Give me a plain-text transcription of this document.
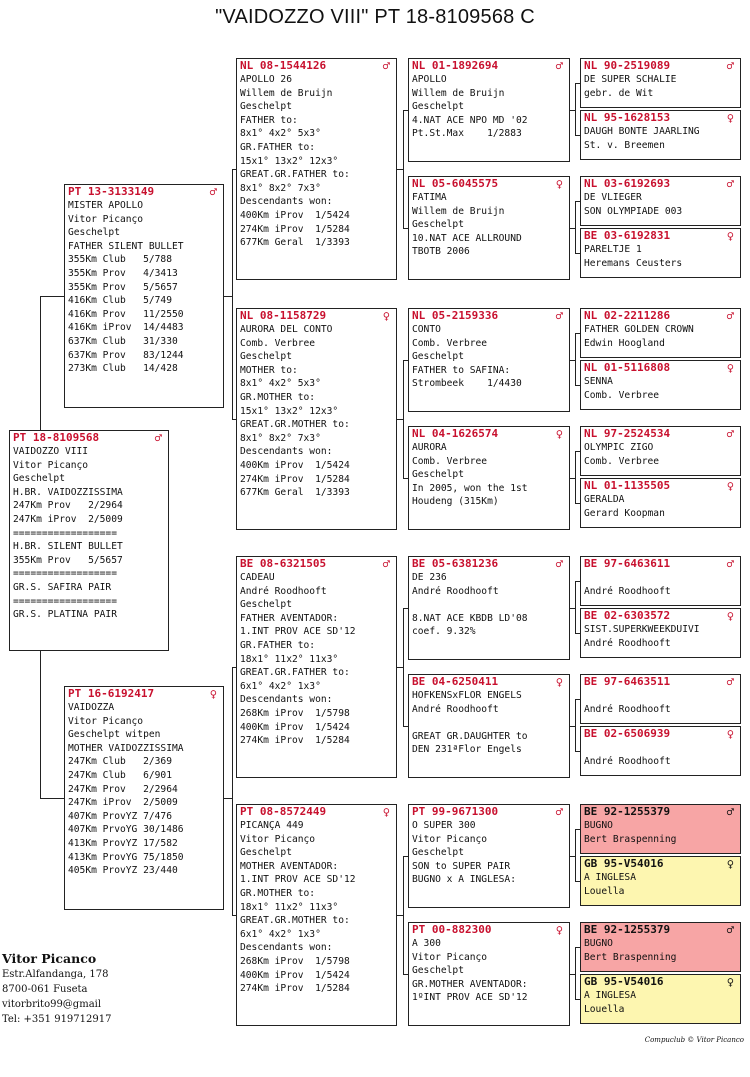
"VAIDOZZO VIII" PT 18-8109568 C
PT 18-8109568	♂
VAIDOZZO VIII
Vitor Picanço
Geschelpt
H.BR. VAIDOZZISSIMA
247Km Prov   2/2964
247Km iProv  2/5009
==================
H.BR. SILENT BULLET
355Km Prov   5/5657
==================
GR.S. SAFIRA PAIR
==================
GR.S. PLATINA PAIR
PT 13-3133149	♂
MISTER APOLLO
Vitor Picanço
Geschelpt
FATHER SILENT BULLET
355Km Club   5/788
355Km Prov   4/3413
355Km Prov   5/5657
416Km Club   5/749
416Km Prov   11/2550
416Km iProv  14/4483
637Km Club   31/330
637Km Prov   83/1244
273Km Club   14/428
PT 16-6192417	♀
VAIDOZZA
Vitor Picanço
Geschelpt witpen
MOTHER VAIDOZZISSIMA
247Km Club   2/369
247Km Club   6/901
247Km Prov   2/2964
247Km iProv  2/5009
407Km ProvYZ 7/476
407Km PrvoYG 30/1486
413Km ProvYZ 17/582
413Km ProvYG 75/1850
405Km ProvYZ 23/440
NL 08-1544126	♂
APOLLO 26
Willem de Bruijn
Geschelpt
FATHER to:
8x1° 4x2° 5x3°
GR.FATHER to:
15x1° 13x2° 12x3°
GREAT.GR.FATHER to:
8x1° 8x2° 7x3°
Descendants won:
400Km iProv  1/5424
274Km iProv  1/5284
677Km Geral  1/3393
NL 08-1158729	♀
AURORA DEL CONTO
Comb. Verbree
Geschelpt
MOTHER to:
8x1° 4x2° 5x3°
GR.MOTHER to:
15x1° 13x2° 12x3°
GREAT.GR.MOTHER to:
8x1° 8x2° 7x3°
Descendants won:
400Km iProv  1/5424
274Km iProv  1/5284
677Km Geral  1/3393
BE 08-6321505	♂
CADEAU
André Roodhooft
Geschelpt
FATHER AVENTADOR:
1.INT PROV ACE SD'12
GR.FATHER to:
18x1° 11x2° 11x3°
GREAT.GR.FATHER to:
6x1° 4x2° 1x3°
Descendants won:
268Km iProv  1/5798
400Km iProv  1/5424
274Km iProv  1/5284
PT 08-8572449	♀
PICANÇA 449
Vitor Picanço
Geschelpt
MOTHER AVENTADOR:
1.INT PROV ACE SD'12
GR.MOTHER to:
18x1° 11x2° 11x3°
GREAT.GR.MOTHER to:
6x1° 4x2° 1x3°
Descendants won:
268Km iProv  1/5798
400Km iProv  1/5424
274Km iProv  1/5284
NL 01-1892694	♂
APOLLO
Willem de Bruijn
Geschelpt
4.NAT ACE NPO MD '02
Pt.St.Max    1/2883
NL 05-6045575	♀
FATIMA
Willem de Bruijn
Geschelpt
10.NAT ACE ALLROUND
TBOTB 2006
NL 05-2159336	♂
CONTO
Comb. Verbree
Geschelpt
FATHER to SAFINA:
Strombeek    1/4430
NL 04-1626574	♀
AURORA
Comb. Verbree
Geschelpt
In 2005, won the 1st
Houdeng (315Km)
BE 05-6381236	♂
DE 236
André Roodhooft
8.NAT ACE KBDB LD'08
coef. 9.32%
BE 04-6250411	♀
HOFKENSxFLOR ENGELS
André Roodhooft
GREAT GR.DAUGHTER to
DEN 231ªFlor Engels
PT 99-9671300	♂
O SUPER 300
Vitor Picanço
Geschelpt
SON to SUPER PAIR
BUGNO x A INGLESA:
PT 00-882300	♀
A 300
Vitor Picanço
Geschelpt
GR.MOTHER AVENTADOR:
1ºINT PROV ACE SD'12
NL 90-2519089	♂
DE SUPER SCHALIE
gebr. de Wit
NL 95-1628153	♀
DAUGH BONTE JAARLING
St. v. Breemen
NL 03-6192693	♂
DE VLIEGER
SON OLYMPIADE 003
BE 03-6192831	♀
PARELTJE 1
Heremans Ceusters
NL 02-2211286	♂
FATHER GOLDEN CROWN
Edwin Hoogland
NL 01-5116808	♀
SENNA
Comb. Verbree
NL 97-2524534	♂
OLYMPIC ZIGO
Comb. Verbree
NL 01-1135505	♀
GERALDA
Gerard Koopman
BE 97-6463611	♂
André Roodhooft
BE 02-6303572	♀
SIST.SUPERKWEEKDUIVI
André Roodhooft
BE 97-6463511	♂
André Roodhooft
BE 02-6506939	♀
André Roodhooft
BE 92-1255379	♂
BUGNO
Bert Braspenning
GB 95-V54016	♀
A INGLESA
Louella
BE 92-1255379	♂
BUGNO
Bert Braspenning
GB 95-V54016	♀
A INGLESA
Louella
Vitor Picanco
Estr.Alfandanga, 178
8700-061 Fuseta
vitorbrito99@gmail
Tel: +351 919712917
Compuclub © Vitor Picanco
